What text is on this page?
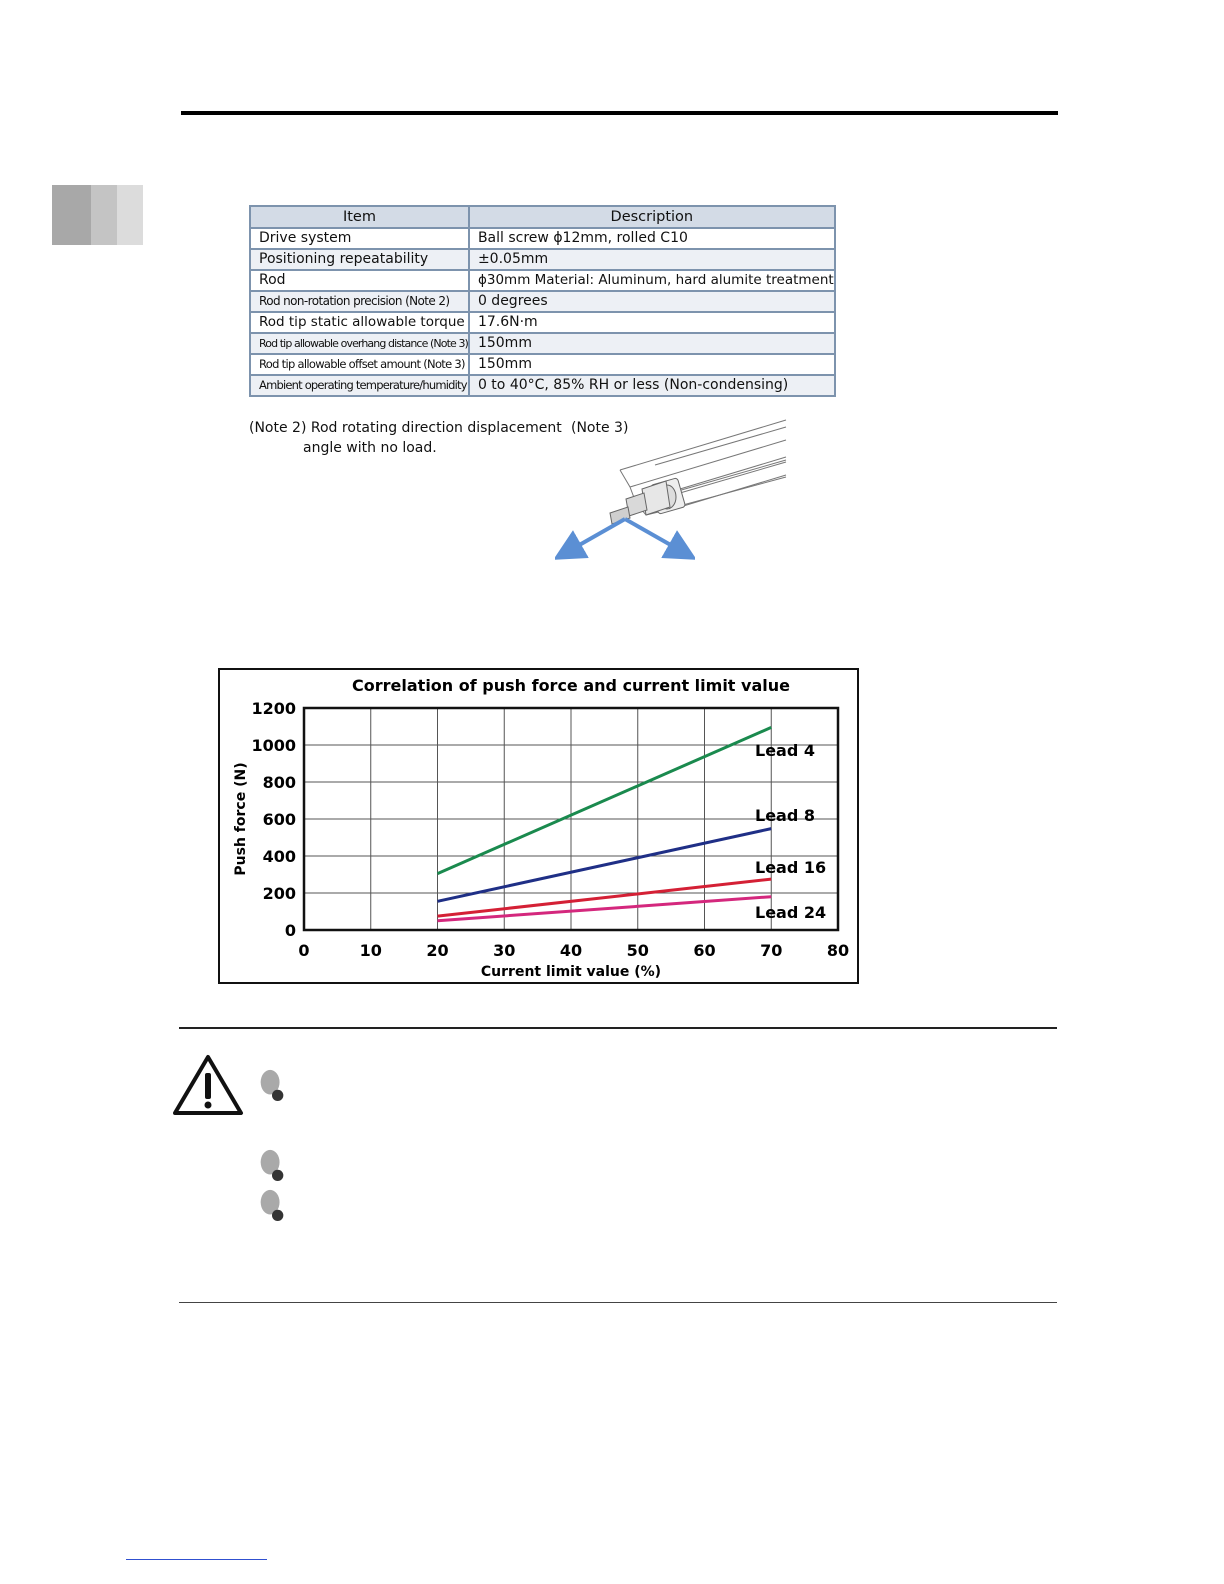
Item	Description
Drive system	Ball screw ϕ12mm, rolled C10
Positioning repeatability	±0.05mm
Rod	ϕ30mm Material: Aluminum, hard alumite treatment
Rod non-rotation precision (Note 2)	0 degrees
Rod tip static allowable torque	17.6N·m
Rod tip allowable overhang distance (Note 3)	150mm
Rod tip allowable offset amount (Note 3)	150mm
Ambient operating temperature/humidity	0 to 40°C, 85% RH or less (Non-condensing)
(Note 2) Rod rotating direction displacement
angle with no load.
(Note 3)
0	10	20	30	40	50	60	70	80
0
200
400
600
800
1000
1200
Correlation of push force and current limit value
Current limit value (%)
Push force (N)
Lead 4
Lead 8
Lead 16
Lead 24
